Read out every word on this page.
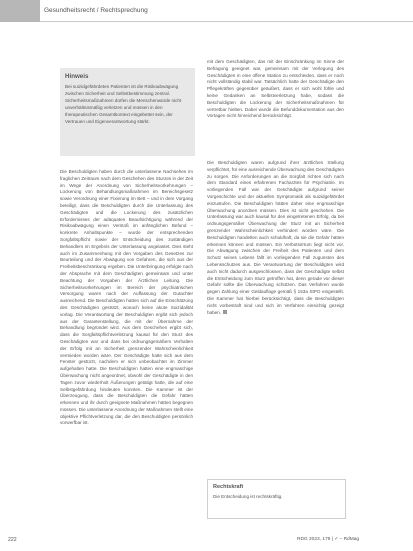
Gesundheitsrecht / Rechtsprechung
Hinweis
Bei suizidgefährdeten Patienten ist die Risikoabwägung zwischen Sicherheit und Selbstbestimmung zentral. Sicherheitsmaßnahmen dürfen die Menschenwürde nicht unverhältnismäßig verletzen und müssen in den therapeutischen Gesamtkontext eingebettet sein, der Vertrauen und Eigenverantwortung stärkt.

Die Beschuldigten haben durch die unterlassene Nachsehen im fraglichen Zeitraum nach dem Geschehen des Sturzes in der Zeit im Wege der Anordnung von Sicherheitsvorkehrungen – Lockerung von Behandlungsmaßnahmen im Bereichsgesetz sowie Verordnung einer Fixierung im Bett – und in dem Vorgang beteiligt, dass die Beschuldigten durch die Unterlassung des Geschädigten und die Lockerung des zusätzlichen Erfordernisses der adäquaten Beaufsichtigung während der Risikoabwägung einen Verstoß im anfänglichen Befund – konkrete Anhaltspunkte – wurde der entsprechenden Sorgfaltspflicht sowie der Entscheidung des zuständigen Behandlers im Ergebnis der Unterlassung angelastet. Dies steht auch im Zusammenhang mit den Vorgaben des Gesetzes zur Beurteilung und der Abwägung von Gefahren, die sich aus der Freiheitsbeschränkung ergeben. Die Unterbringung erfolgte nach der Absprache mit dem Geschädigten gemeinsam und unter Beachtung der Vorgaben der Ärztlichen Leitung. Die Sicherheitsvorkehrungen im Bereich der psychiatrischen Versorgung waren nach der Auffassung der Gutachter ausreichend. Die Beschuldigten hatten sich auf die Einschätzung des Geschädigten gestützt, wonach keine akute Suizidalität vorlag. Die Verantwortung der Beschuldigten ergibt sich jedoch aus der Garantenstellung, die mit der Übernahme der Behandlung begründet wird. Aus dem Geschehen ergibt sich, dass die Sorgfaltspflichtverletzung kausal für den Sturz des Geschädigten war und dass bei ordnungsgemäßem Verhalten der Erfolg mit an Sicherheit grenzender Wahrscheinlichkeit vermieden worden wäre. Der Geschädigte hatte sich aus dem Fenster gestürzt, nachdem er sich unbeobachtet im Zimmer aufgehalten hatte. Die Beschuldigten hatten eine engmaschige Überwachung nicht angeordnet, obwohl der Geschädigte in den Tagen zuvor wiederholt Äußerungen getätigt hatte, die auf eine Selbstgefährdung hindeuten konnten. Die Kammer ist der Überzeugung, dass die Beschuldigten die Gefahr hätten erkennen und ihr durch geeignete Maßnahmen hätten begegnen müssen. Die unterlassene Anordnung der Maßnahmen stellt eine objektive Pflichtverletzung dar, die den Beschuldigten persönlich vorwerfbar ist.

mit dem Geschädigten, das mit der Einschränkung im Sinne der Befragung geeignet war, gemeinsam mit der Verlegung des Geschädigten in eine offene Station zu entscheiden, dass er noch nicht vollständig stabil war. Tatsächlich hatte der Geschädigte den Pflegekräften gegenüber geäußert, dass er sich wohl fühle und keine Gedanken an Selbstverletzung habe, sodass die Beschuldigten die Lockerung der Sicherheitsmaßnahmen für vertretbar hielten. Dabei wurde die Befunddokumentation aus den Vortagen nicht hinreichend berücksichtigt.

Die Beschuldigten waren aufgrund ihrer ärztlichen Stellung verpflichtet, für eine ausreichende Überwachung des Geschädigten zu sorgen. Die Anforderungen an die Sorgfalt richten sich nach dem Standard eines erfahrenen Facharztes für Psychiatrie. Im vorliegenden Fall war der Geschädigte aufgrund seiner Vorgeschichte und der aktuellen Symptomatik als suizidgefährdet einzustufen. Die Beschuldigten hätten daher eine engmaschige Überwachung anordnen müssen. Dies ist nicht geschehen. Die Unterlassung war auch kausal für den eingetretenen Erfolg, da bei ordnungsgemäßer Überwachung der Sturz mit an Sicherheit grenzender Wahrscheinlichkeit verhindert worden wäre. Die Beschuldigten handelten auch schuldhaft, da sie die Gefahr hätten erkennen können und müssen. Ein Verbotsirrtum liegt nicht vor. Die Abwägung zwischen der Freiheit des Patienten und dem Schutz seines Lebens fällt im vorliegenden Fall zugunsten des Lebensschutzes aus. Die Verantwortung der Beschuldigten wird auch nicht dadurch ausgeschlossen, dass der Geschädigte selbst die Entscheidung zum Sturz getroffen hat, denn gerade vor dieser Gefahr sollte die Überwachung schützen. Das Verfahren wurde gegen Zahlung einer Geldauflage gemäß § 153a StPO eingestellt. Die Kammer hat hierbei berücksichtigt, dass die Beschuldigten nicht vorbestraft sind und sich im Verfahren einsichtig gezeigt haben.

Rechtskraft
Die Entscheidung ist rechtskräftig.
222	RDG 2023, 179 | ✓ – RdMag
